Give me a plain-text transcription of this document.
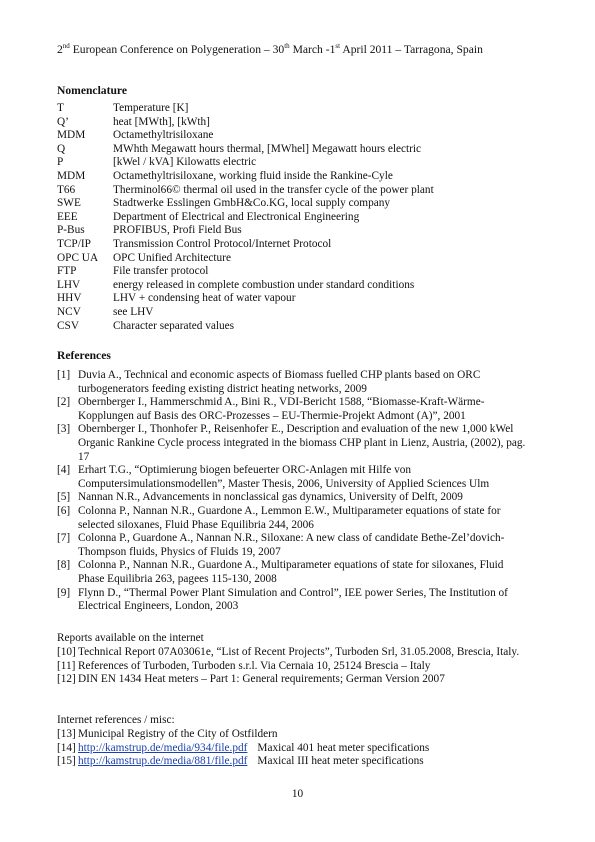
2nd European Conference on Polygeneration – 30th March -1st April 2011 – Tarragona, Spain
Nomenclature
T	Temperature [K]
Q’	heat [MWth], [kWth]
MDM	Octamethyltrisiloxane
Q	MWhth Megawatt hours thermal, [MWhel] Megawatt hours electric
P	[kWel / kVA] Kilowatts electric
MDM	Octamethyltrisiloxane, working fluid inside the Rankine-Cyle
T66	Therminol66© thermal oil used in the transfer cycle of the power plant
SWE	Stadtwerke Esslingen GmbH&Co.KG, local supply company
EEE	Department of Electrical and Electronical Engineering
P-Bus	PROFIBUS, Profi Field Bus
TCP/IP	Transmission Control Protocol/Internet Protocol
OPC UA	OPC Unified Architecture
FTP	File transfer protocol
LHV	energy released in complete combustion under standard conditions
HHV	LHV + condensing heat of water vapour
NCV	see LHV
CSV	Character separated values
References
[1] Duvia A., Technical and economic aspects of Biomass fuelled CHP plants based on ORC turbogenerators feeding existing district heating networks, 2009
[2] Obernberger I., Hammerschmid A., Bini R., VDI-Bericht 1588, “Biomasse-Kraft-Wärme-Kopplungen auf Basis des ORC-Prozesses – EU-Thermie-Projekt Admont (A)”, 2001
[3] Obernberger I., Thonhofer P., Reisenhofer E., Description and evaluation of the new 1,000 kWel Organic Rankine Cycle process integrated in the biomass CHP plant in Lienz, Austria, (2002), pag. 17
[4] Erhart T.G., “Optimierung biogen befeuerter ORC-Anlagen mit Hilfe von Computersimulationsmodellen”, Master Thesis, 2006, University of Applied Sciences Ulm
[5] Nannan N.R., Advancements in nonclassical gas dynamics, University of Delft, 2009
[6] Colonna P., Nannan N.R., Guardone A., Lemmon E.W., Multiparameter equations of state for selected siloxanes, Fluid Phase Equilibria 244, 2006
[7] Colonna P., Guardone A., Nannan N.R., Siloxane: A new class of candidate Bethe-Zel’dovich-Thompson fluids, Physics of Fluids 19, 2007
[8] Colonna P., Nannan N.R., Guardone A., Multiparameter equations of state for siloxanes, Fluid Phase Equilibria 263, pagees 115-130, 2008
[9] Flynn D., “Thermal Power Plant Simulation and Control”, IEE power Series, The Institution of Electrical Engineers, London, 2003
Reports available on the internet
[10] Technical Report 07A03061e, “List of Recent Projects”, Turboden Srl, 31.05.2008, Brescia, Italy.
[11] References of Turboden, Turboden s.r.l. Via Cernaia 10, 25124 Brescia – Italy
[12] DIN EN 1434 Heat meters – Part 1: General requirements; German Version 2007
Internet references / misc:
[13] Municipal Registry of the City of Ostfildern
[14] http://kamstrup.de/media/934/file.pdf Maxical 401 heat meter specifications
[15] http://kamstrup.de/media/881/file.pdf Maxical III heat meter specifications
10
